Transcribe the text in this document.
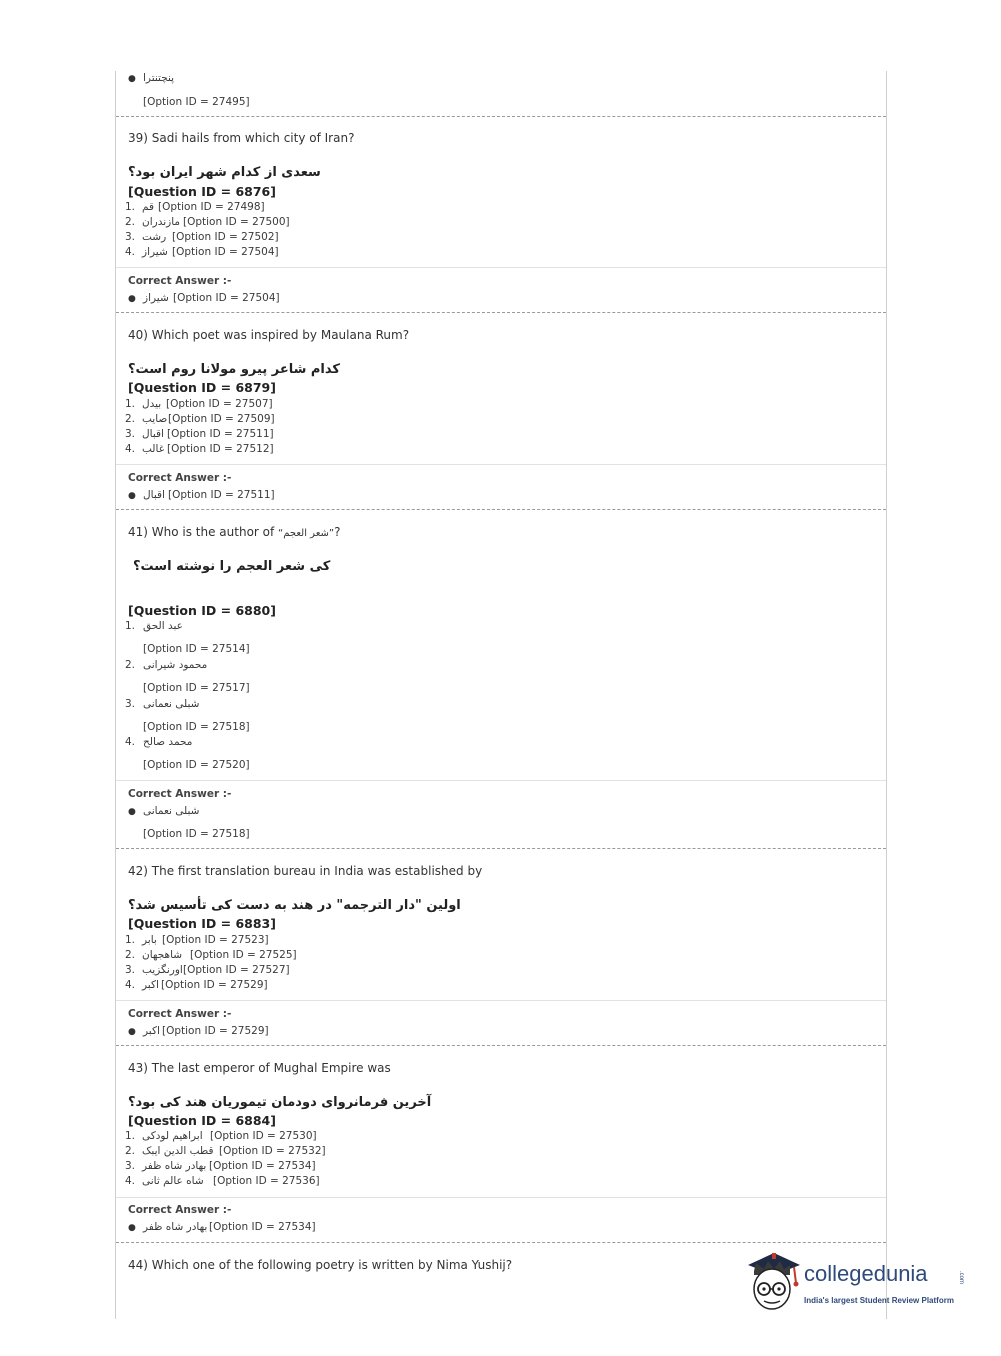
● پنچتنترا
[Option ID = 27495]
39) Sadi hails from which city of Iran?
سعدی از کدام شهر ایران بود؟
[Question ID = 6876]
1. قم [Option ID = 27498]
2. مازندران [Option ID = 27500]
3. رشت [Option ID = 27502]
4. شیراز [Option ID = 27504]
Correct Answer :-
● شیراز [Option ID = 27504]
40) Which poet was inspired by Maulana Rum?
کدام شاعر پیرو مولانا روم است؟
[Question ID = 6879]
1. بیدل [Option ID = 27507]
2. صایب [Option ID = 27509]
3. اقبال [Option ID = 27511]
4. غالب [Option ID = 27512]
Correct Answer :-
● اقبال [Option ID = 27511]
41) Who is the author of “شعر العجم”?
کی شعر العجم را نوشته است؟
[Question ID = 6880]
1. عبد الحق
[Option ID = 27514]
2. محمود شیرانی
[Option ID = 27517]
3. شبلی نعمانی
[Option ID = 27518]
4. محمد صالح
[Option ID = 27520]
Correct Answer :-
● شبلی نعمانی
[Option ID = 27518]
42) The first translation bureau in India was established by
اولین "دار الترجمه" در هند به دست کی تأسیس شد؟
[Question ID = 6883]
1. بابر [Option ID = 27523]
2. شاهجهان [Option ID = 27525]
3. اورنگزیب [Option ID = 27527]
4. اکبر [Option ID = 27529]
Correct Answer :-
● اکبر [Option ID = 27529]
43) The last emperor of Mughal Empire was
آخرین فرمانروای دودمان تیموریان هند کی بود؟
[Question ID = 6884]
1. ابراهیم لودکی [Option ID = 27530]
2. قطب الدین ایبک [Option ID = 27532]
3. بهادر شاه ظفر [Option ID = 27534]
4. شاه عالم ثانی [Option ID = 27536]
Correct Answer :-
● بهادر شاه ظفر [Option ID = 27534]
44) Which one of the following poetry is written by Nima Yushij?	collegedunia	.com
India's largest Student Review Platform
